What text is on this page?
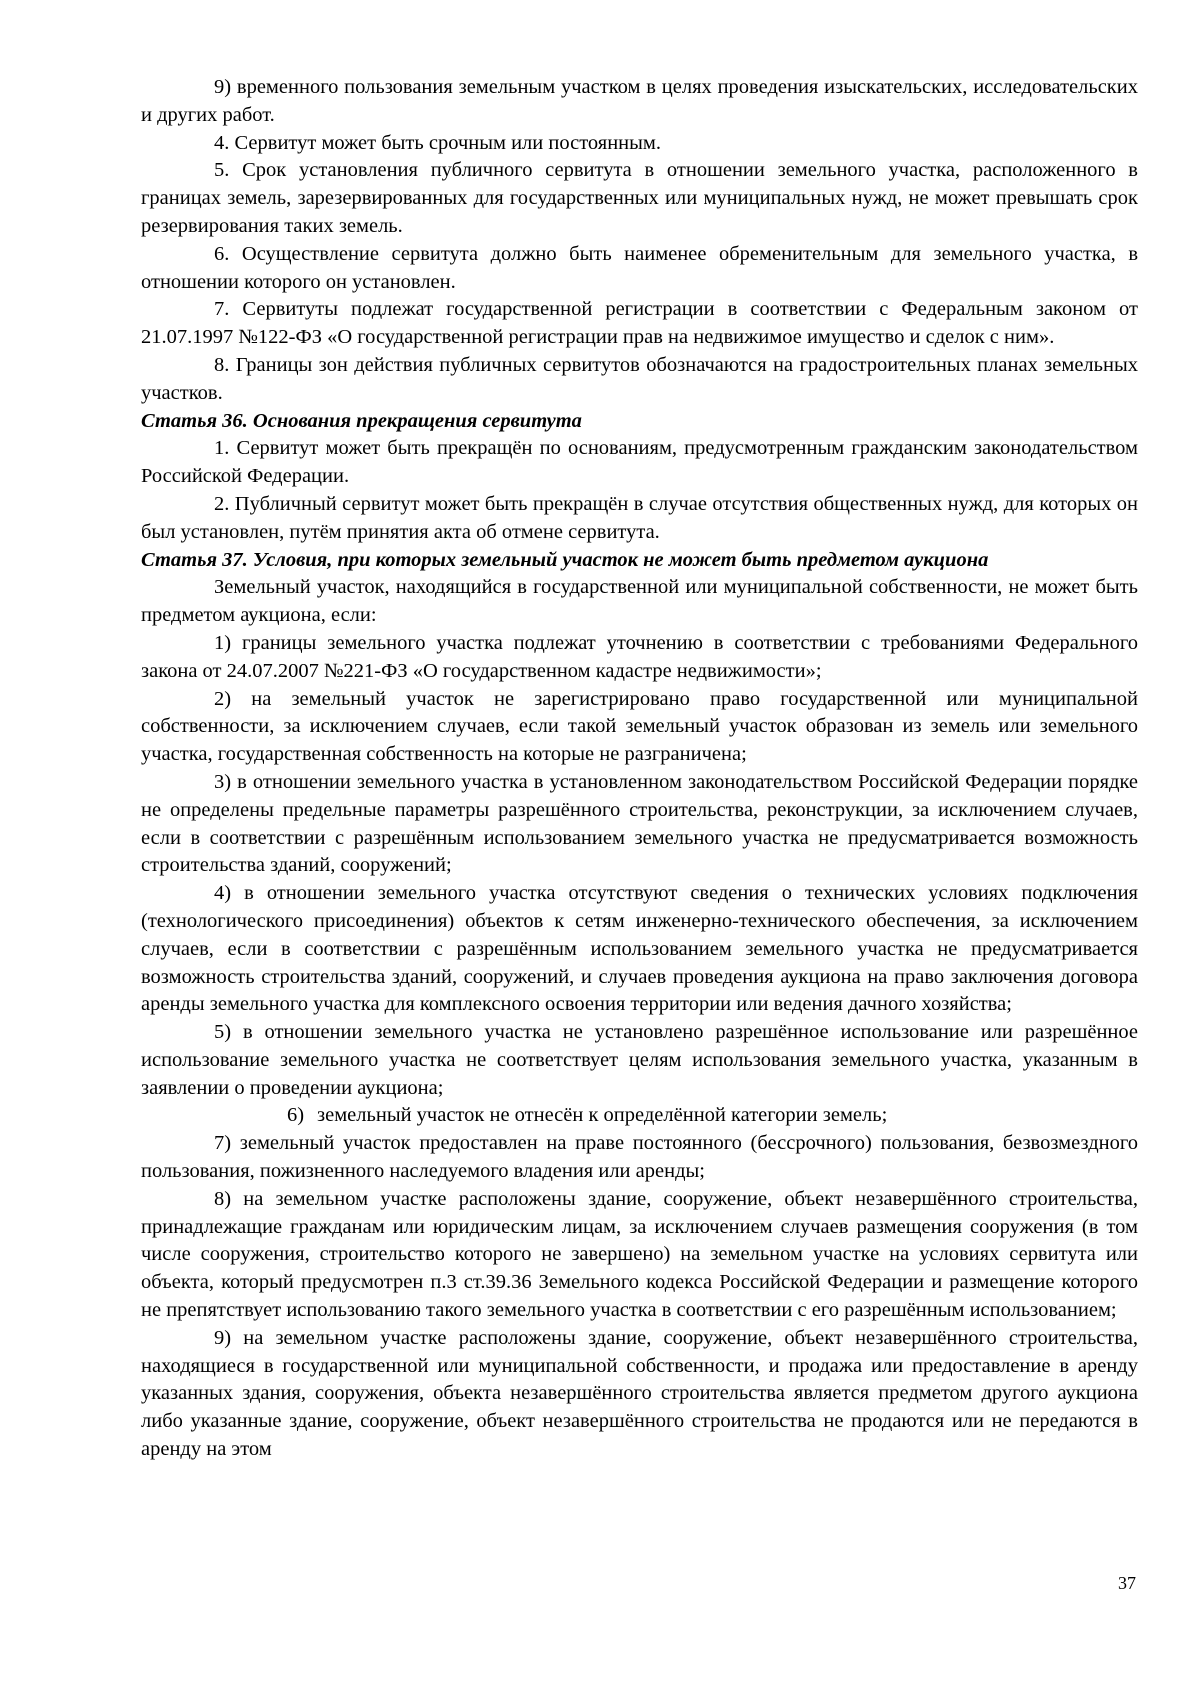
9) временного пользования земельным участком в целях проведения изыскательских, исследовательских и других работ.

4. Сервитут может быть срочным или постоянным.

5. Срок установления публичного сервитута в отношении земельного участка, расположенного в границах земель, зарезервированных для государственных или муниципальных нужд, не может превышать срок резервирования таких земель.

6. Осуществление сервитута должно быть наименее обременительным для земельного участка, в отношении которого он установлен.

7. Сервитуты подлежат государственной регистрации в соответствии с Федеральным законом от 21.07.1997 №122-ФЗ «О государственной регистрации прав на недвижимое имущество и сделок с ним».

8. Границы зон действия публичных сервитутов обозначаются на градостроительных планах земельных участков.

Статья 36. Основания прекращения сервитута

1. Сервитут может быть прекращён по основаниям, предусмотренным гражданским законодательством Российской Федерации.

2. Публичный сервитут может быть прекращён в случае отсутствия общественных нужд, для которых он был установлен, путём принятия акта об отмене сервитута.

Статья 37. Условия, при которых земельный участок не может быть предметом аукциона

Земельный участок, находящийся в государственной или муниципальной собственности, не может быть предметом аукциона, если:

1) границы земельного участка подлежат уточнению в соответствии с требованиями Федерального закона от 24.07.2007 №221-ФЗ «О государственном кадастре недвижимости»;

2) на земельный участок не зарегистрировано право государственной или муниципальной собственности, за исключением случаев, если такой земельный участок образован из земель или земельного участка, государственная собственность на которые не разграничена;

3) в отношении земельного участка в установленном законодательством Российской Федерации порядке не определены предельные параметры разрешённого строительства, реконструкции, за исключением случаев, если в соответствии с разрешённым использованием земельного участка не предусматривается возможность строительства зданий, сооружений;

4) в отношении земельного участка отсутствуют сведения о технических условиях подключения (технологического присоединения) объектов к сетям инженерно-технического обеспечения, за исключением случаев, если в соответствии с разрешённым использованием земельного участка не предусматривается возможность строительства зданий, сооружений, и случаев проведения аукциона на право заключения договора аренды земельного участка для комплексного освоения территории или ведения дачного хозяйства;

5) в отношении земельного участка не установлено разрешённое использование или разрешённое использование земельного участка не соответствует целям использования земельного участка, указанным в заявлении о проведении аукциона;

6) земельный участок не отнесён к определённой категории земель;

7) земельный участок предоставлен на праве постоянного (бессрочного) пользования, безвозмездного пользования, пожизненного наследуемого владения или аренды;

8) на земельном участке расположены здание, сооружение, объект незавершённого строительства, принадлежащие гражданам или юридическим лицам, за исключением случаев размещения сооружения (в том числе сооружения, строительство которого не завершено) на земельном участке на условиях сервитута или объекта, который предусмотрен п.3 ст.39.36 Земельного кодекса Российской Федерации и размещение которого не препятствует использованию такого земельного участка в соответствии с его разрешённым использованием;

9) на земельном участке расположены здание, сооружение, объект незавершённого строительства, находящиеся в государственной или муниципальной собственности, и продажа или предоставление в аренду указанных здания, сооружения, объекта незавершённого строительства является предметом другого аукциона либо указанные здание, сооружение, объект незавершённого строительства не продаются или не передаются в аренду на этом

37
